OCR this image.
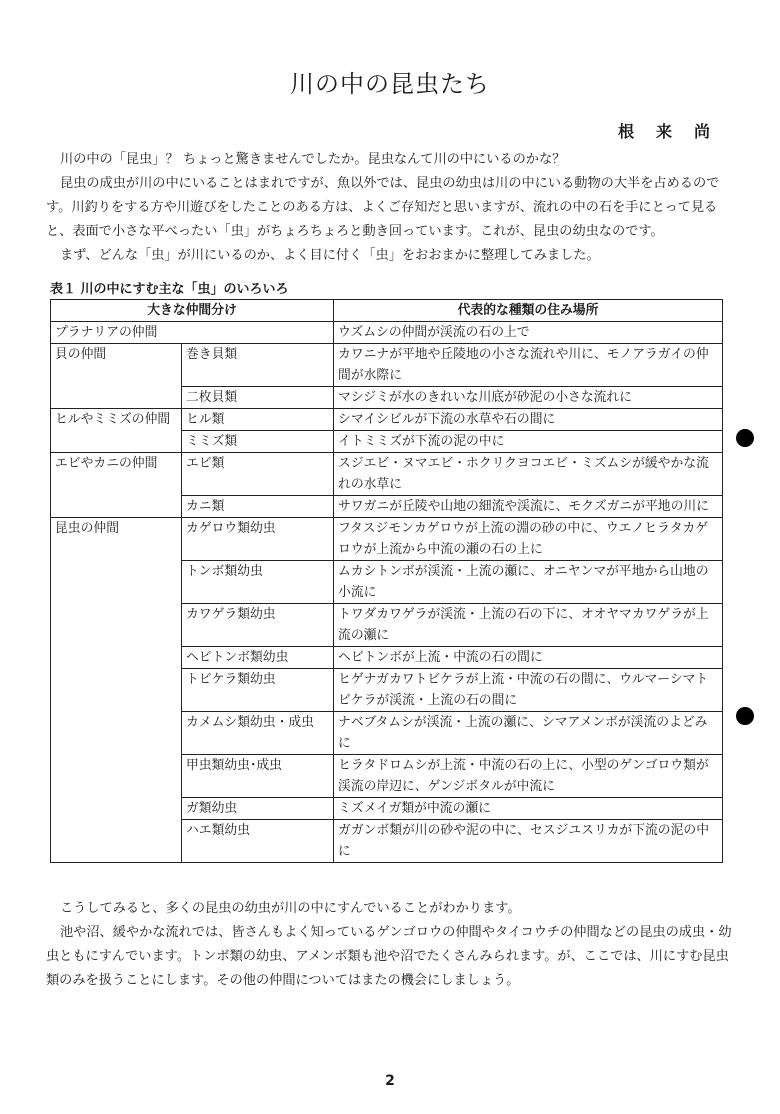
川の中の昆虫たち
根来尚

川の中の「昆虫」？ ちょっと驚きませんでしたか。昆虫なんて川の中にいるのかな？

昆虫の成虫が川の中にいることはまれですが、魚以外では、昆虫の幼虫は川の中にいる動物の大半を占めるのです。川釣りをする方や川遊びをしたことのある方は、よくご存知だと思いますが、流れの中の石を手にとって見ると、表面で小さな平べったい「虫」がちょろちょろと動き回っています。これが、昆虫の幼虫なのです。

まず、どんな「虫」が川にいるのか、よく目に付く「虫」をおおまかに整理してみました。

表１ 川の中にすむ主な「虫」のいろいろ
大きな仲間分け		代表的な種類の住み場所
プラナリアの仲間		ウズムシの仲間が渓流の石の上で
貝の仲間	巻き貝類	カワニナが平地や丘陵地の小さな流れや川に、モノアラガイの仲間が水際に
	二枚貝類	マシジミが水のきれいな川底が砂泥の小さな流れに
ヒルやミミズの仲間	ヒル類	シマイシビルが下流の水草や石の間に
	ミミズ類	イトミミズが下流の泥の中に
エビやカニの仲間	エビ類	スジエビ・ヌマエビ・ホクリクヨコエビ・ミズムシが緩やかな流れの水草に
	カニ類	サワガニが丘陵や山地の細流や渓流に、モクズガニが平地の川に
昆虫の仲間	カゲロウ類幼虫	フタスジモンカゲロウが上流の淵の砂の中に、ウエノヒラタカゲロウが上流から中流の瀬の石の上に
	トンボ類幼虫	ムカシトンボが渓流・上流の瀬に、オニヤンマが平地から山地の小流に
	カワゲラ類幼虫	トワダカワゲラが渓流・上流の石の下に、オオヤマカワゲラが上流の瀬に
	ヘビトンボ類幼虫	ヘビトンボが上流・中流の石の間に
	トビケラ類幼虫	ヒゲナガカワトビケラが上流・中流の石の間に、ウルマーシマトビケラが渓流・上流の石の間に
	カメムシ類幼虫・成虫	ナベブタムシが渓流・上流の瀬に、シマアメンボが渓流のよどみに
	甲虫類幼虫･成虫	ヒラタドロムシが上流・中流の石の上に、小型のゲンゴロウ類が渓流の岸辺に、ゲンジボタルが中流に
	ガ類幼虫	ミズメイガ類が中流の瀬に
	ハエ類幼虫	ガガンボ類が川の砂や泥の中に、セスジユスリカが下流の泥の中に

こうしてみると、多くの昆虫の幼虫が川の中にすんでいることがわかります。

池や沼、緩やかな流れでは、皆さんもよく知っているゲンゴロウの仲間やタイコウチの仲間などの昆虫の成虫・幼虫ともにすんでいます。トンボ類の幼虫、アメンボ類も池や沼でたくさんみられます。が、ここでは、川にすむ昆虫類のみを扱うことにします。その他の仲間についてはまたの機会にしましょう。

2
